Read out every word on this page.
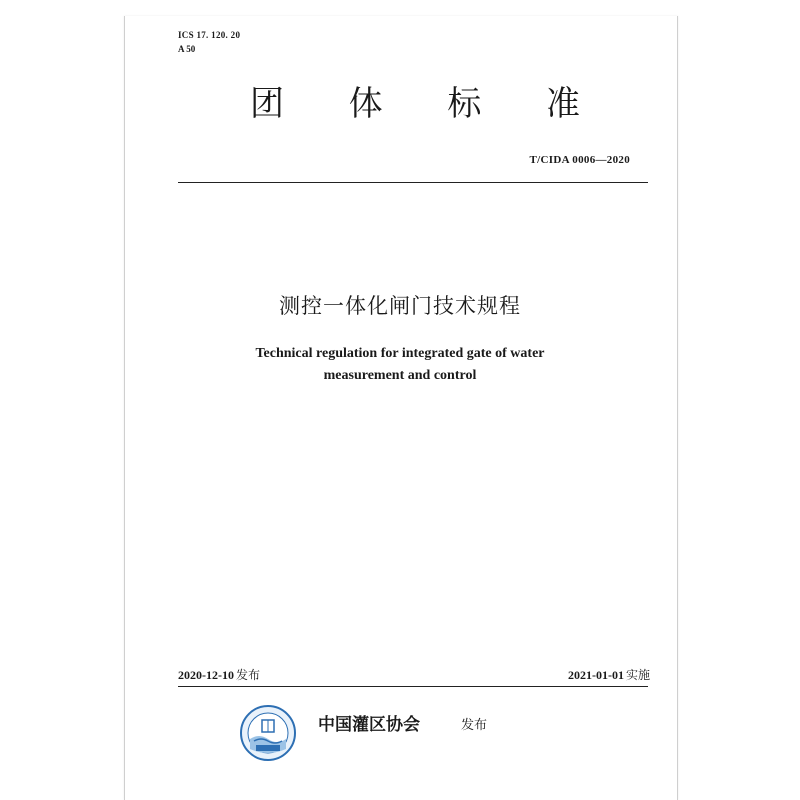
ICS 17. 120. 20
A 50
团 体 标 准
T/CIDA 0006—2020
测控一体化闸门技术规程
Technical regulation for integrated gate of water
measurement and control
2020-12-10 发布	2021-01-01 实施
中国灌区协会	发布
